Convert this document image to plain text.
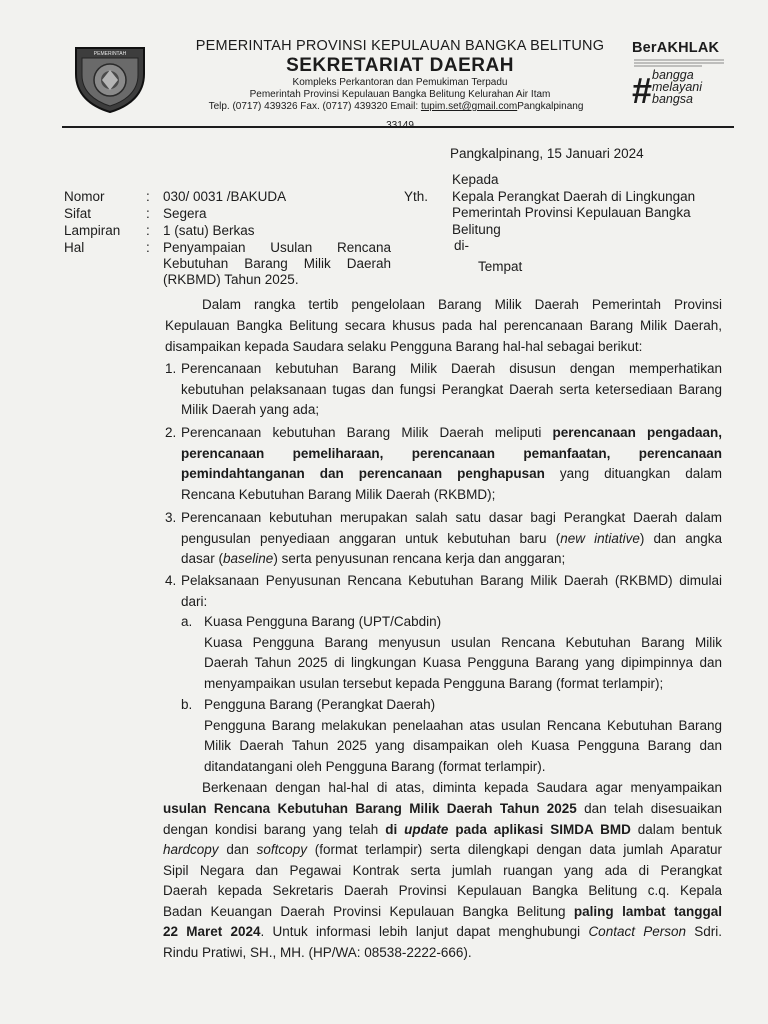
PEMERINTAH	PEMERINTAH PROVINSI KEPULAUAN BANGKA BELITUNG
SEKRETARIAT DAERAH
Kompleks Perkantoran dan Pemukiman Terpadu
Pemerintah Provinsi Kepulauan Bangka Belitung Kelurahan Air Itam
Telp. (0717) 439326 Fax. (0717) 439320 Email: tupim.set@gmail.comPangkalpinang
BerAKHLAK
# bangga
melayani
bangsa
Pangkalpinang, 15 Januari 2024
Nomor	: 030/ 0031 /BAKUDA
Sifat	: Segera
Lampiran : 1 (satu) Berkas
Hal	: Penyampaian Usulan Rencana
Kebutuhan Barang Milik Daerah
(RKBMD) Tahun 2025.
Yth.
Kepada
Kepala Perangkat Daerah di Lingkungan
Pemerintah Provinsi Kepulauan Bangka
Belitung
di-
Tempat
Dalam rangka tertib pengelolaan Barang Milik Daerah Pemerintah Provinsi
Kepulauan Bangka Belitung secara khusus pada hal perencanaan Barang Milik Daerah,
disampaikan kepada Saudara selaku Pengguna Barang hal-hal sebagai berikut:
1. Perencanaan kebutuhan Barang Milik Daerah disusun dengan memperhatikan
kebutuhan pelaksanaan tugas dan fungsi Perangkat Daerah serta ketersediaan Barang
Milik Daerah yang ada;
2. Perencanaan kebutuhan Barang Milik Daerah meliputi perencanaan pengadaan,
perencanaan pemeliharaan, perencanaan pemanfaatan, perencanaan
pemindahtanganan dan perencanaan penghapusan yang dituangkan dalam
Rencana Kebutuhan Barang Milik Daerah (RKBMD);
3. Perencanaan kebutuhan merupakan salah satu dasar bagi Perangkat Daerah dalam
pengusulan penyediaan anggaran untuk kebutuhan baru (new intiative) dan angka
dasar (baseline) serta penyusunan rencana kerja dan anggaran;
4. Pelaksanaan Penyusunan Rencana Kebutuhan Barang Milik Daerah (RKBMD) dimulai
dari:
a. Kuasa Pengguna Barang (UPT/Cabdin)
Kuasa Pengguna Barang menyusun usulan Rencana Kebutuhan Barang Milik
Daerah Tahun 2025 di lingkungan Kuasa Pengguna Barang yang dipimpinnya dan
menyampaikan usulan tersebut kepada Pengguna Barang (format terlampir);
b. Pengguna Barang (Perangkat Daerah)
Pengguna Barang melakukan penelaahan atas usulan Rencana Kebutuhan Barang
Milik Daerah Tahun 2025 yang disampaikan oleh Kuasa Pengguna Barang dan
ditandatangani oleh Pengguna Barang (format terlampir).
Berkenaan dengan hal-hal di atas, diminta kepada Saudara agar menyampaikan
usulan Rencana Kebutuhan Barang Milik Daerah Tahun 2025 dan telah disesuaikan
dengan kondisi barang yang telah di update pada aplikasi SIMDA BMD dalam bentuk
hardcopy dan softcopy (format terlampir) serta dilengkapi dengan data jumlah Aparatur
Sipil Negara dan Pegawai Kontrak serta jumlah ruangan yang ada di Perangkat
Daerah kepada Sekretaris Daerah Provinsi Kepulauan Bangka Belitung c.q. Kepala
Badan Keuangan Daerah Provinsi Kepulauan Bangka Belitung paling lambat tanggal
22 Maret 2024. Untuk informasi lebih lanjut dapat menghubungi Contact Person Sdri.
Rindu Pratiwi, SH., MH. (HP/WA: 08538-2222-666).
